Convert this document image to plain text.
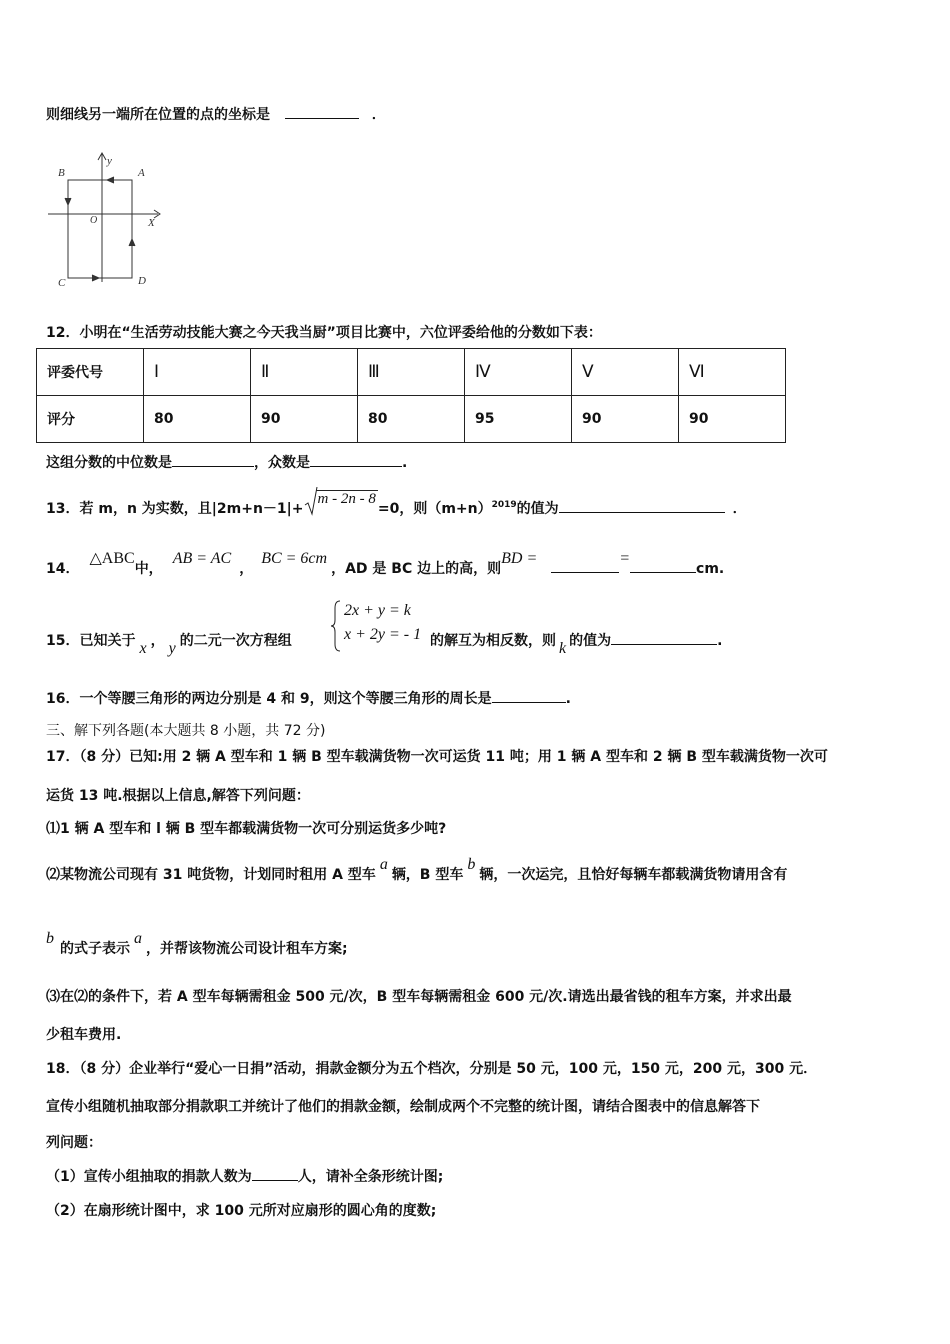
则细线另一端所在位置的点的坐标是	．
y
X
O
A
B
C	D
12．小明在“生活劳动技能大赛之今天我当厨”项目比赛中，六位评委给他的分数如下表：
评委代号	Ⅰ	Ⅱ	Ⅲ	Ⅳ	Ⅴ	Ⅵ
评分	80	90	80	95	90	90
这组分数的中位数是	，众数是	.
13．若 m，n 为实数，且|2m+n－1|+
m - 2n - 8=0，则$(m+n)^{2019}$的值为	．
14．△ABC中，AB = AC，BC = 6cm，AD 是 BC 边上的高，则BD =	=cm.
15．已知关于 x ， y 的二元一次方程组
2x + y = k
x + 2y = - 1 的解互为相反数，则 k 的值为	.
16．一个等腰三角形的两边分别是 4 和 9，则这个等腰三角形的周长是	.
三、解下列各题(本大题共 8 小题，共 72 分)
17．（8 分）已知:用 2 辆 A 型车和 1 辆 B 型车载满货物一次可运货 11 吨；用 1 辆 A 型车和 2 辆 B 型车载满货物一次可
运货 13 吨.根据以上信息,解答下列问题：
⑴1 辆 A 型车和 l 辆 B 型车都载满货物一次可分别运货多少吨?
⑵某物流公司现有 31 吨货物，计划同时租用 A 型车a辆，B 型车b辆，一次运完，且恰好每辆车都载满货物请用含有
b的式子表示a，并帮该物流公司设计租车方案;
⑶在⑵的条件下，若 A 型车每辆需租金 500 元/次，B 型车每辆需租金 600 元/次.请选出最省钱的租车方案，并求出最
少租车费用.
18．（8 分）企业举行“爱心一日捐”活动，捐款金额分为五个档次，分别是 50 元，100 元，150 元，200 元，300 元．
宣传小组随机抽取部分捐款职工并统计了他们的捐款金额，绘制成两个不完整的统计图，请结合图表中的信息解答下
列问题：
（1）宣传小组抽取的捐款人数为	人，请补全条形统计图;
（2）在扇形统计图中，求 100 元所对应扇形的圆心角的度数;
